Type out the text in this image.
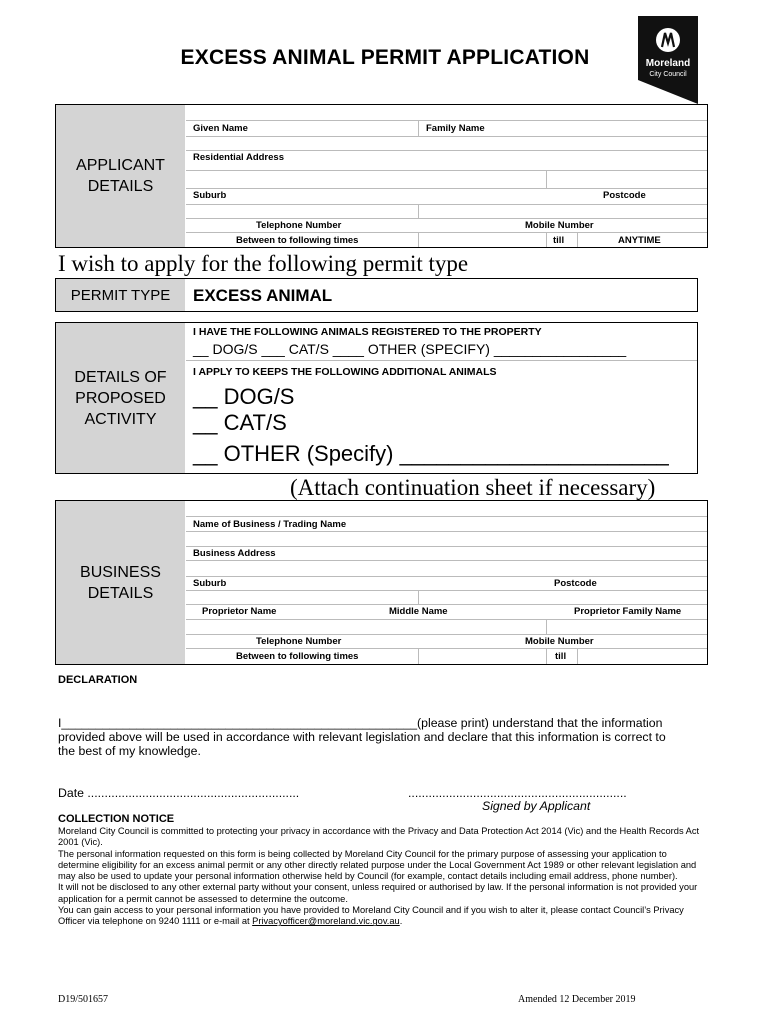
EXCESS ANIMAL PERMIT APPLICATION	Moreland
City Council
APPLICANT
DETAILS
Given Name	Family Name
Residential Address
Suburb	Postcode
Telephone Number	Mobile Number
Between to following times	till	ANYTIME
I wish to apply for the following permit type
PERMIT TYPE	EXCESS ANIMAL
DETAILS OF
PROPOSED
ACTIVITY
I HAVE THE FOLLOWING ANIMALS REGISTERED TO THE PROPERTY
__ DOG/S ___ CAT/S ____ OTHER (SPECIFY) _________________
I APPLY TO KEEPS THE FOLLOWING ADDITIONAL ANIMALS
__ DOG/S
__ CAT/S
__ OTHER (Specify) ______________________
(Attach continuation sheet if necessary)
BUSINESS
DETAILS
Name of Business / Trading Name
Business Address
Suburb	Postcode
Proprietor Name	Middle Name	Proprietor Family Name
Telephone Number	Mobile Number
Between to following times	till
DECLARATION
I____________________________________________________(please print) understand that the information
provided above will be used in accordance with relevant legislation and declare that this information is correct to
the best of my knowledge.
Date ..............................................................	................................................................
Signed by Applicant
COLLECTION NOTICE
Moreland City Council is committed to protecting your privacy in accordance with the Privacy and Data Protection Act 2014 (Vic) and the Health Records Act 2001 (Vic).
The personal information requested on this form is being collected by Moreland City Council for the primary purpose of assessing your application to determine eligibility for an excess animal permit or any other directly related purpose under the Local Government Act 1989 or other relevant legislation and may also be used to update your personal information otherwise held by Council (for example, contact details including email address, phone number).
It will not be disclosed to any other external party without your consent, unless required or authorised by law. If the personal information is not provided your application for a permit cannot be assessed to determine the outcome.
You can gain access to your personal information you have provided to Moreland City Council and if you wish to alter it, please contact Council’s Privacy Officer via telephone on 9240 1111 or e-mail at Privacyofficer@moreland.vic.gov.au.
D19/501657	Amended 12 December 2019
